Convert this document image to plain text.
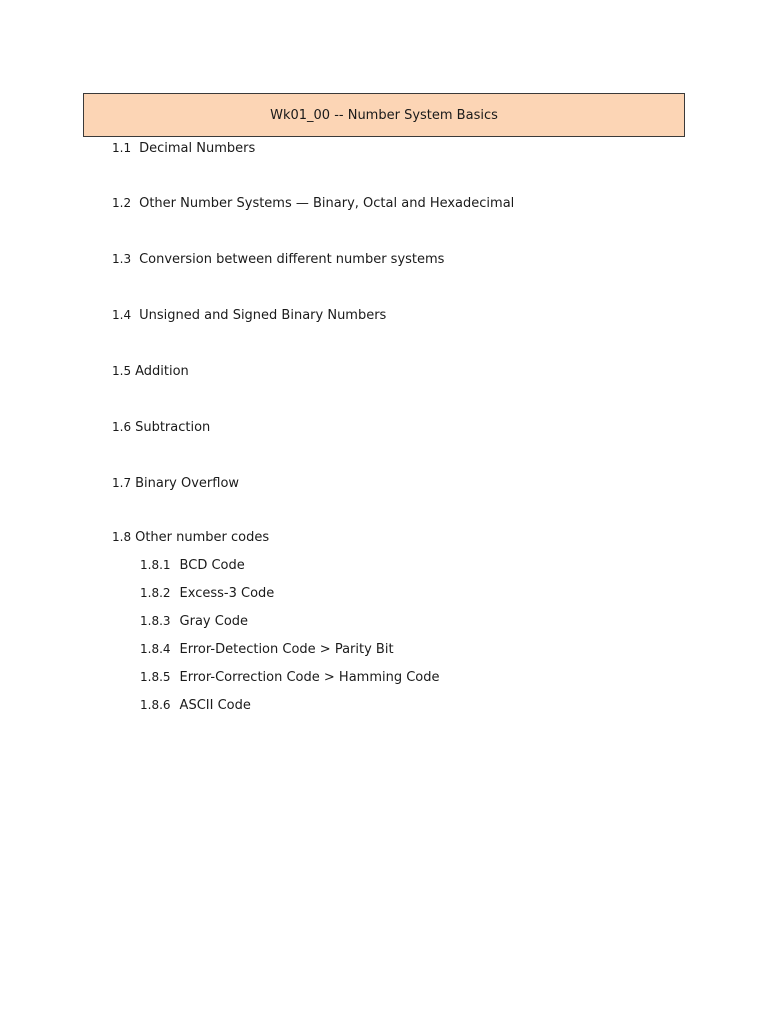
Wk01_00 -- Number System Basics
1.1 Decimal Numbers
1.2 Other Number Systems — Binary, Octal and Hexadecimal
1.3 Conversion between different number systems
1.4 Unsigned and Signed Binary Numbers
1.5 Addition
1.6 Subtraction
1.7 Binary Overflow
1.8 Other number codes
1.8.1 BCD Code
1.8.2 Excess-3 Code
1.8.3 Gray Code
1.8.4 Error-Detection Code > Parity Bit
1.8.5 Error-Correction Code > Hamming Code
1.8.6 ASCII Code
